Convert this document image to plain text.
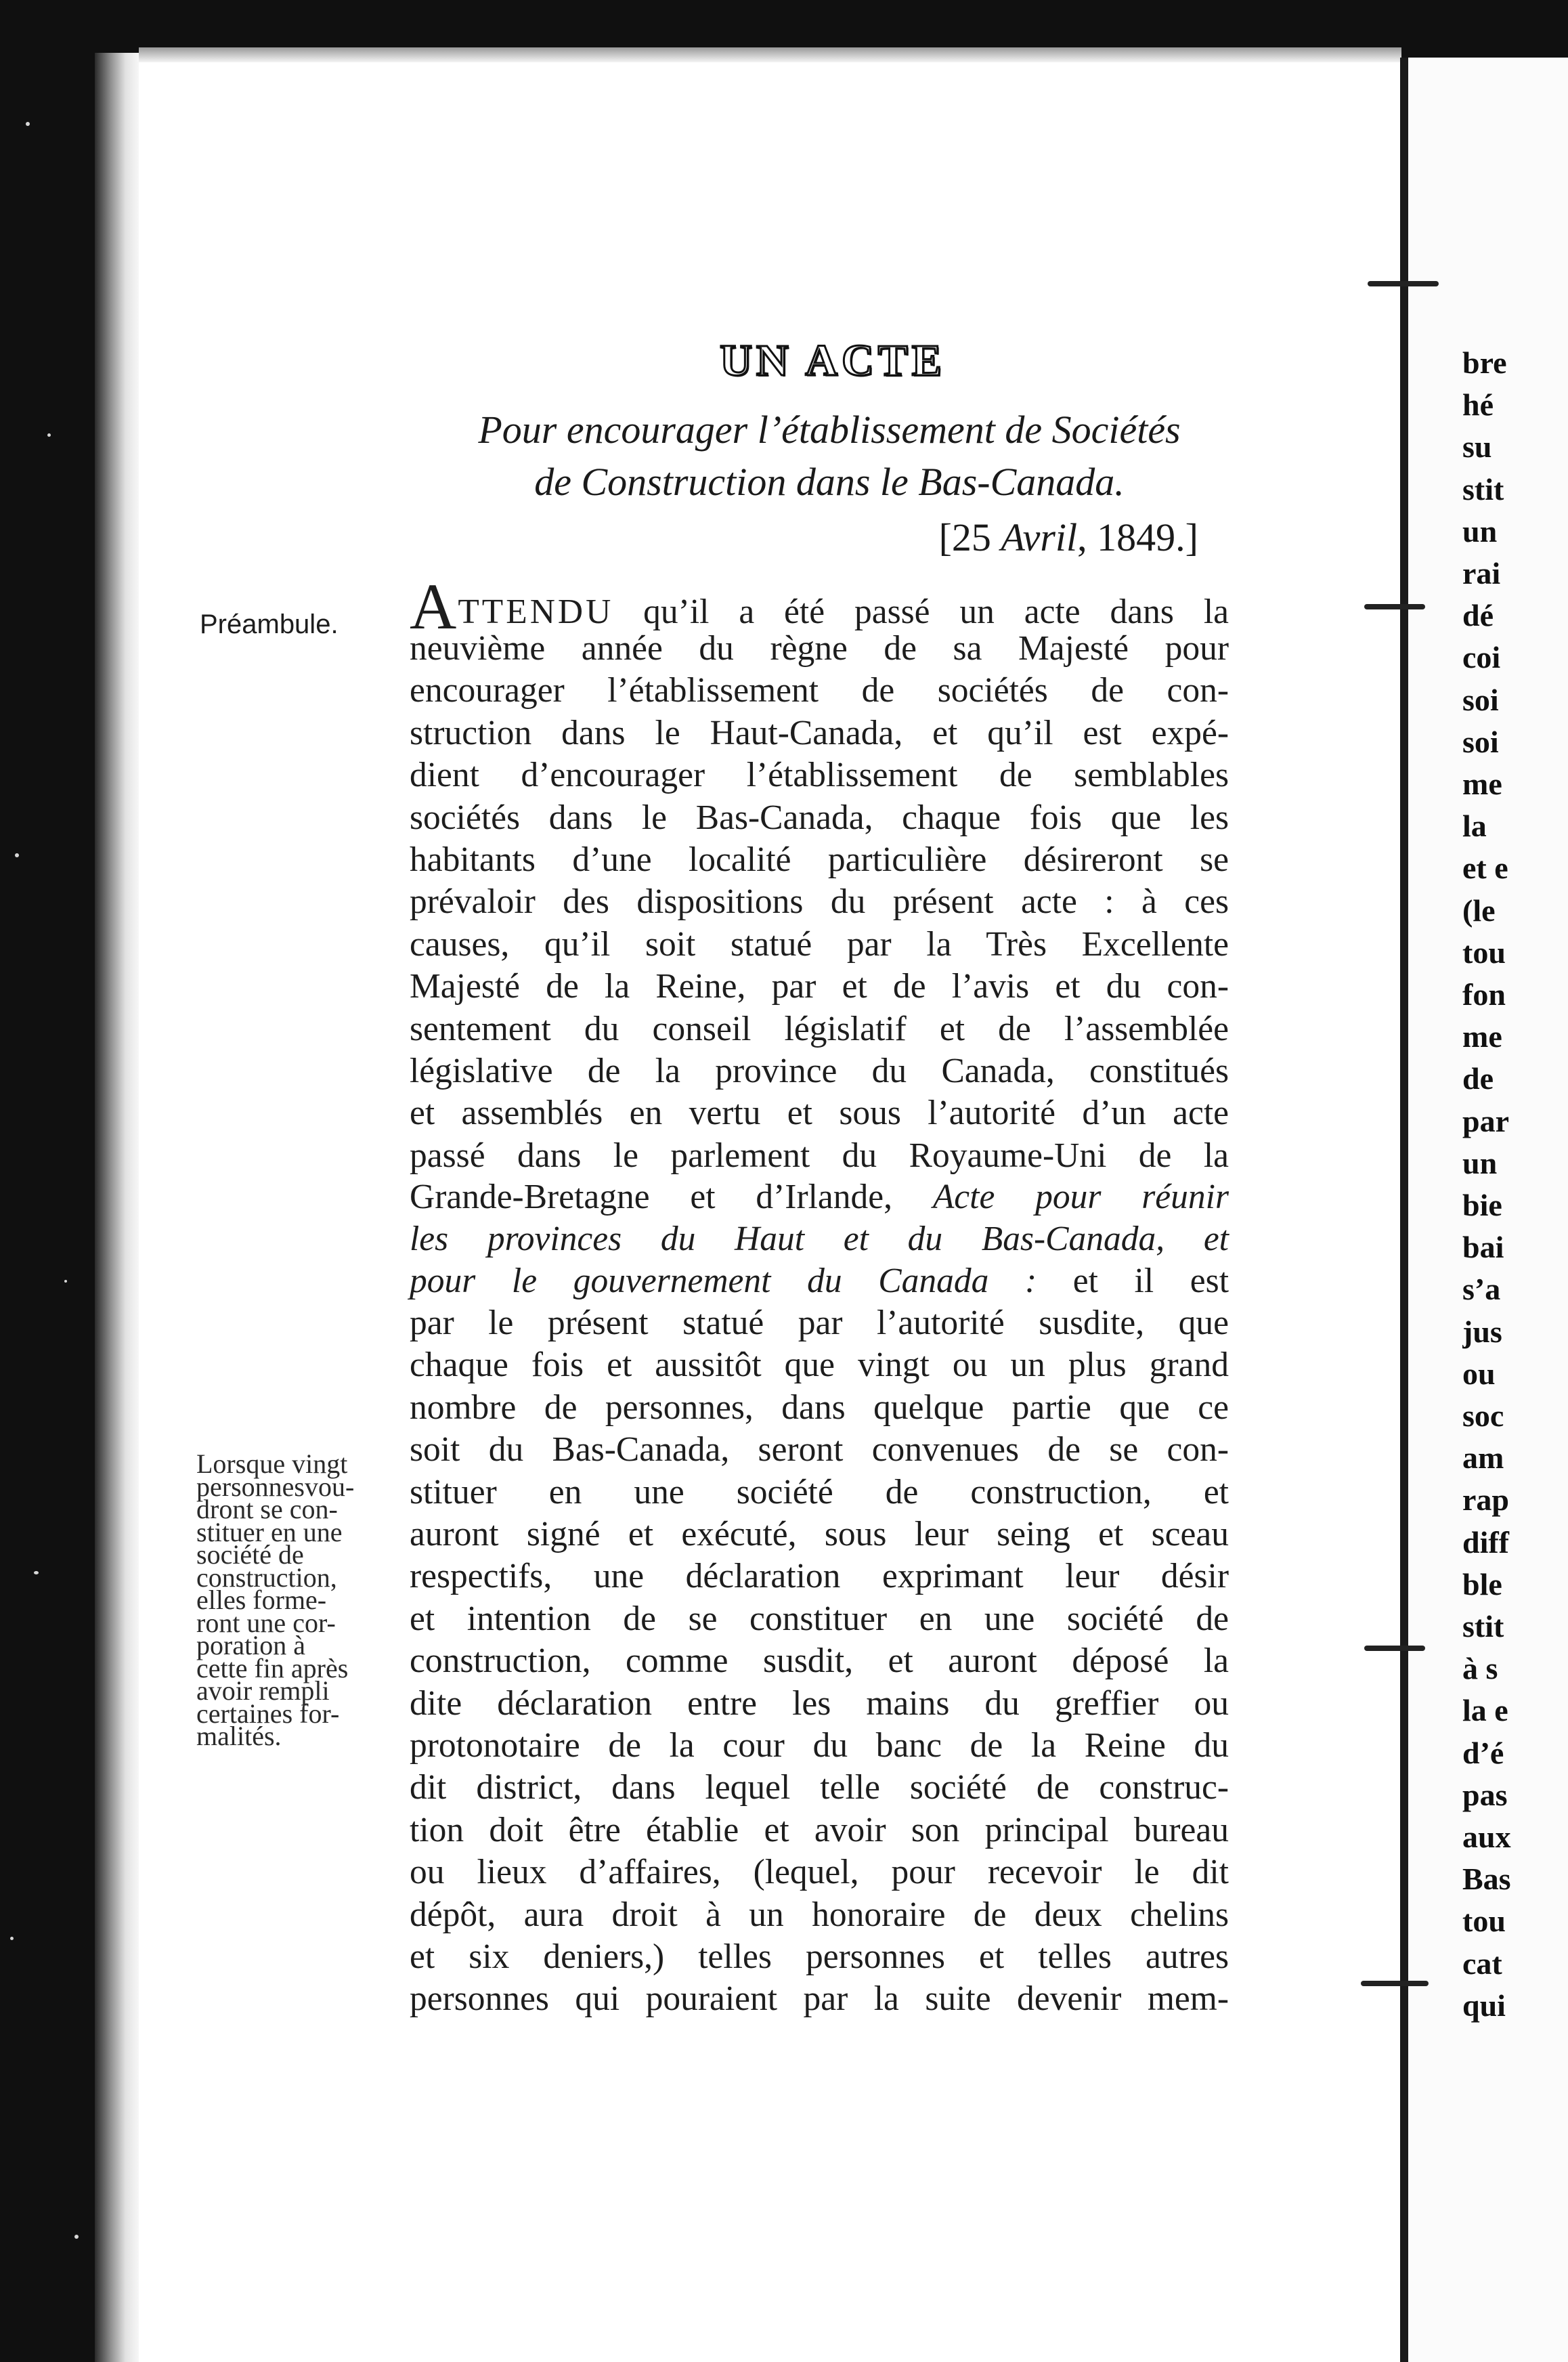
UN ACTE
Pour encourager l’établissement de Sociétés
de Construction dans le Bas-Canada.
[25 Avril, 1849.]
Préambule.
Lorsque vingt
personnesvou-
dront se con-
stituer en une
société de
construction,
elles forme-
ront une cor-
poration à
cette fin après
avoir rempli
certaines for-
malités.
ATTENDU qu’il a été passé un acte dans la
neuvième année du règne de sa Majesté pour
encourager l’établissement de sociétés de con-
struction dans le Haut-Canada, et qu’il est expé-
dient d’encourager l’établissement de semblables
sociétés dans le Bas-Canada, chaque fois que les
habitants d’une localité particulière désireront se
prévaloir des dispositions du présent acte : à ces
causes, qu’il soit statué par la Très Excellente
Majesté de la Reine, par et de l’avis et du con-
sentement du conseil législatif et de l’assemblée
législative de la province du Canada, constitués
et assemblés en vertu et sous l’autorité d’un acte
passé dans le parlement du Royaume-Uni de la
Grande-Bretagne et d’Irlande, Acte pour réunir
les provinces du Haut et du Bas-Canada, et
pour le gouvernement du Canada : et il est
par le présent statué par l’autorité susdite, que
chaque fois et aussitôt que vingt ou un plus grand
nombre de personnes, dans quelque partie que ce
soit du Bas-Canada, seront convenues de se con-
stituer en une société de construction, et
auront signé et exécuté, sous leur seing et sceau
respectifs, une déclaration exprimant leur désir
et intention de se constituer en une société de
construction, comme susdit, et auront déposé la
dite déclaration entre les mains du greffier ou
protonotaire de la cour du banc de la Reine du
dit district, dans lequel telle société de construc-
tion doit être établie et avoir son principal bureau
ou lieux d’affaires, (lequel, pour recevoir le dit
dépôt, aura droit à un honoraire de deux chelins
et six deniers,) telles personnes et telles autres
personnes qui pouraient par la suite devenir mem-
bre
hé
su
stit
un
rai
dé
coi
soi
soi
me
la
et e
(le
tou
fon
me
de
par
un
bie
bai
s’a
jus
ou
soc
am
rap
diff
ble
stit
à s
la e
d’é
pas
aux
Bas
tou
cat
qui
